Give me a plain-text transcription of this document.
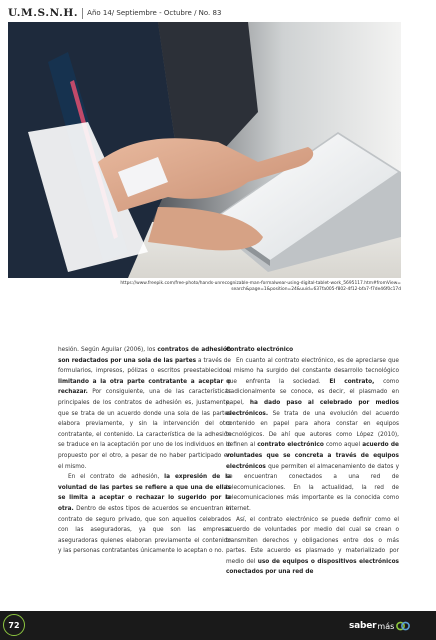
U.M.S.N.H. Año 14/ Septiembre - Octubre / No. 83
https://www.freepik.com/free-photo/hands-unrecognizable-man-formalwear-using-digital-tablet-work_5695117.htm#fromView=
search&page=1&position=24&uuid=637fa005-f802-4f12-bfa7-f7de46f0c17d

hesión. Según Aguilar (2006), los contratos de adhesión son redactados por una sola de las partes a través de formularios, impresos, pólizas o escritos preestablecidos, limitando a la otra parte contratante a aceptar o rechazar. Por consiguiente, una de las características principales de los contratos de adhesión es, justamente, que se trata de un acuerdo donde una sola de las partes elabora previamente, y sin la intervención del otro contratante, el contenido. La característica de la adhesión se traduce en la aceptación por uno de los individuos en lo propuesto por el otro, a pesar de no haber participado en el mismo.

En el contrato de adhesión, la expresión de la voluntad de las partes se refiere a que una de ellas se limita a aceptar o rechazar lo sugerido por la otra. Dentro de estos tipos de acuerdos se encuentran el contrato de seguro privado, que son aquellos celebrados con las aseguradoras, ya que son las empresas aseguradoras quienes elaboran previamente el contenido y las personas contratantes únicamente lo aceptan o no.

Contrato electrónico

En cuanto al contrato electrónico, es de apreciarse que el mismo ha surgido del constante desarrollo tecnológico que enfrenta la sociedad. El contrato, como tradicionalmente se conoce, es decir, el plasmado en papel, ha dado paso al celebrado por medios electrónicos. Se trata de una evolución del acuerdo contenido en papel para ahora constar en equipos tecnológicos. De ahí que autores como López (2010), definen al contrato electrónico como aquel acuerdo de voluntades que se concreta a través de equipos electrónicos que permiten el almacenamiento de datos y se encuentran conectados a una red de telecomunicaciones. En la actualidad, la red de telecomunicaciones más importante es la conocida como Internet.

Así, el contrato electrónico se puede definir como el acuerdo de voluntades por medio del cual se crean o transmiten derechos y obligaciones entre dos o más partes. Este acuerdo es plasmado y materializado por medio del uso de equipos o dispositivos electrónicos conectados por una red de

72	saber más
